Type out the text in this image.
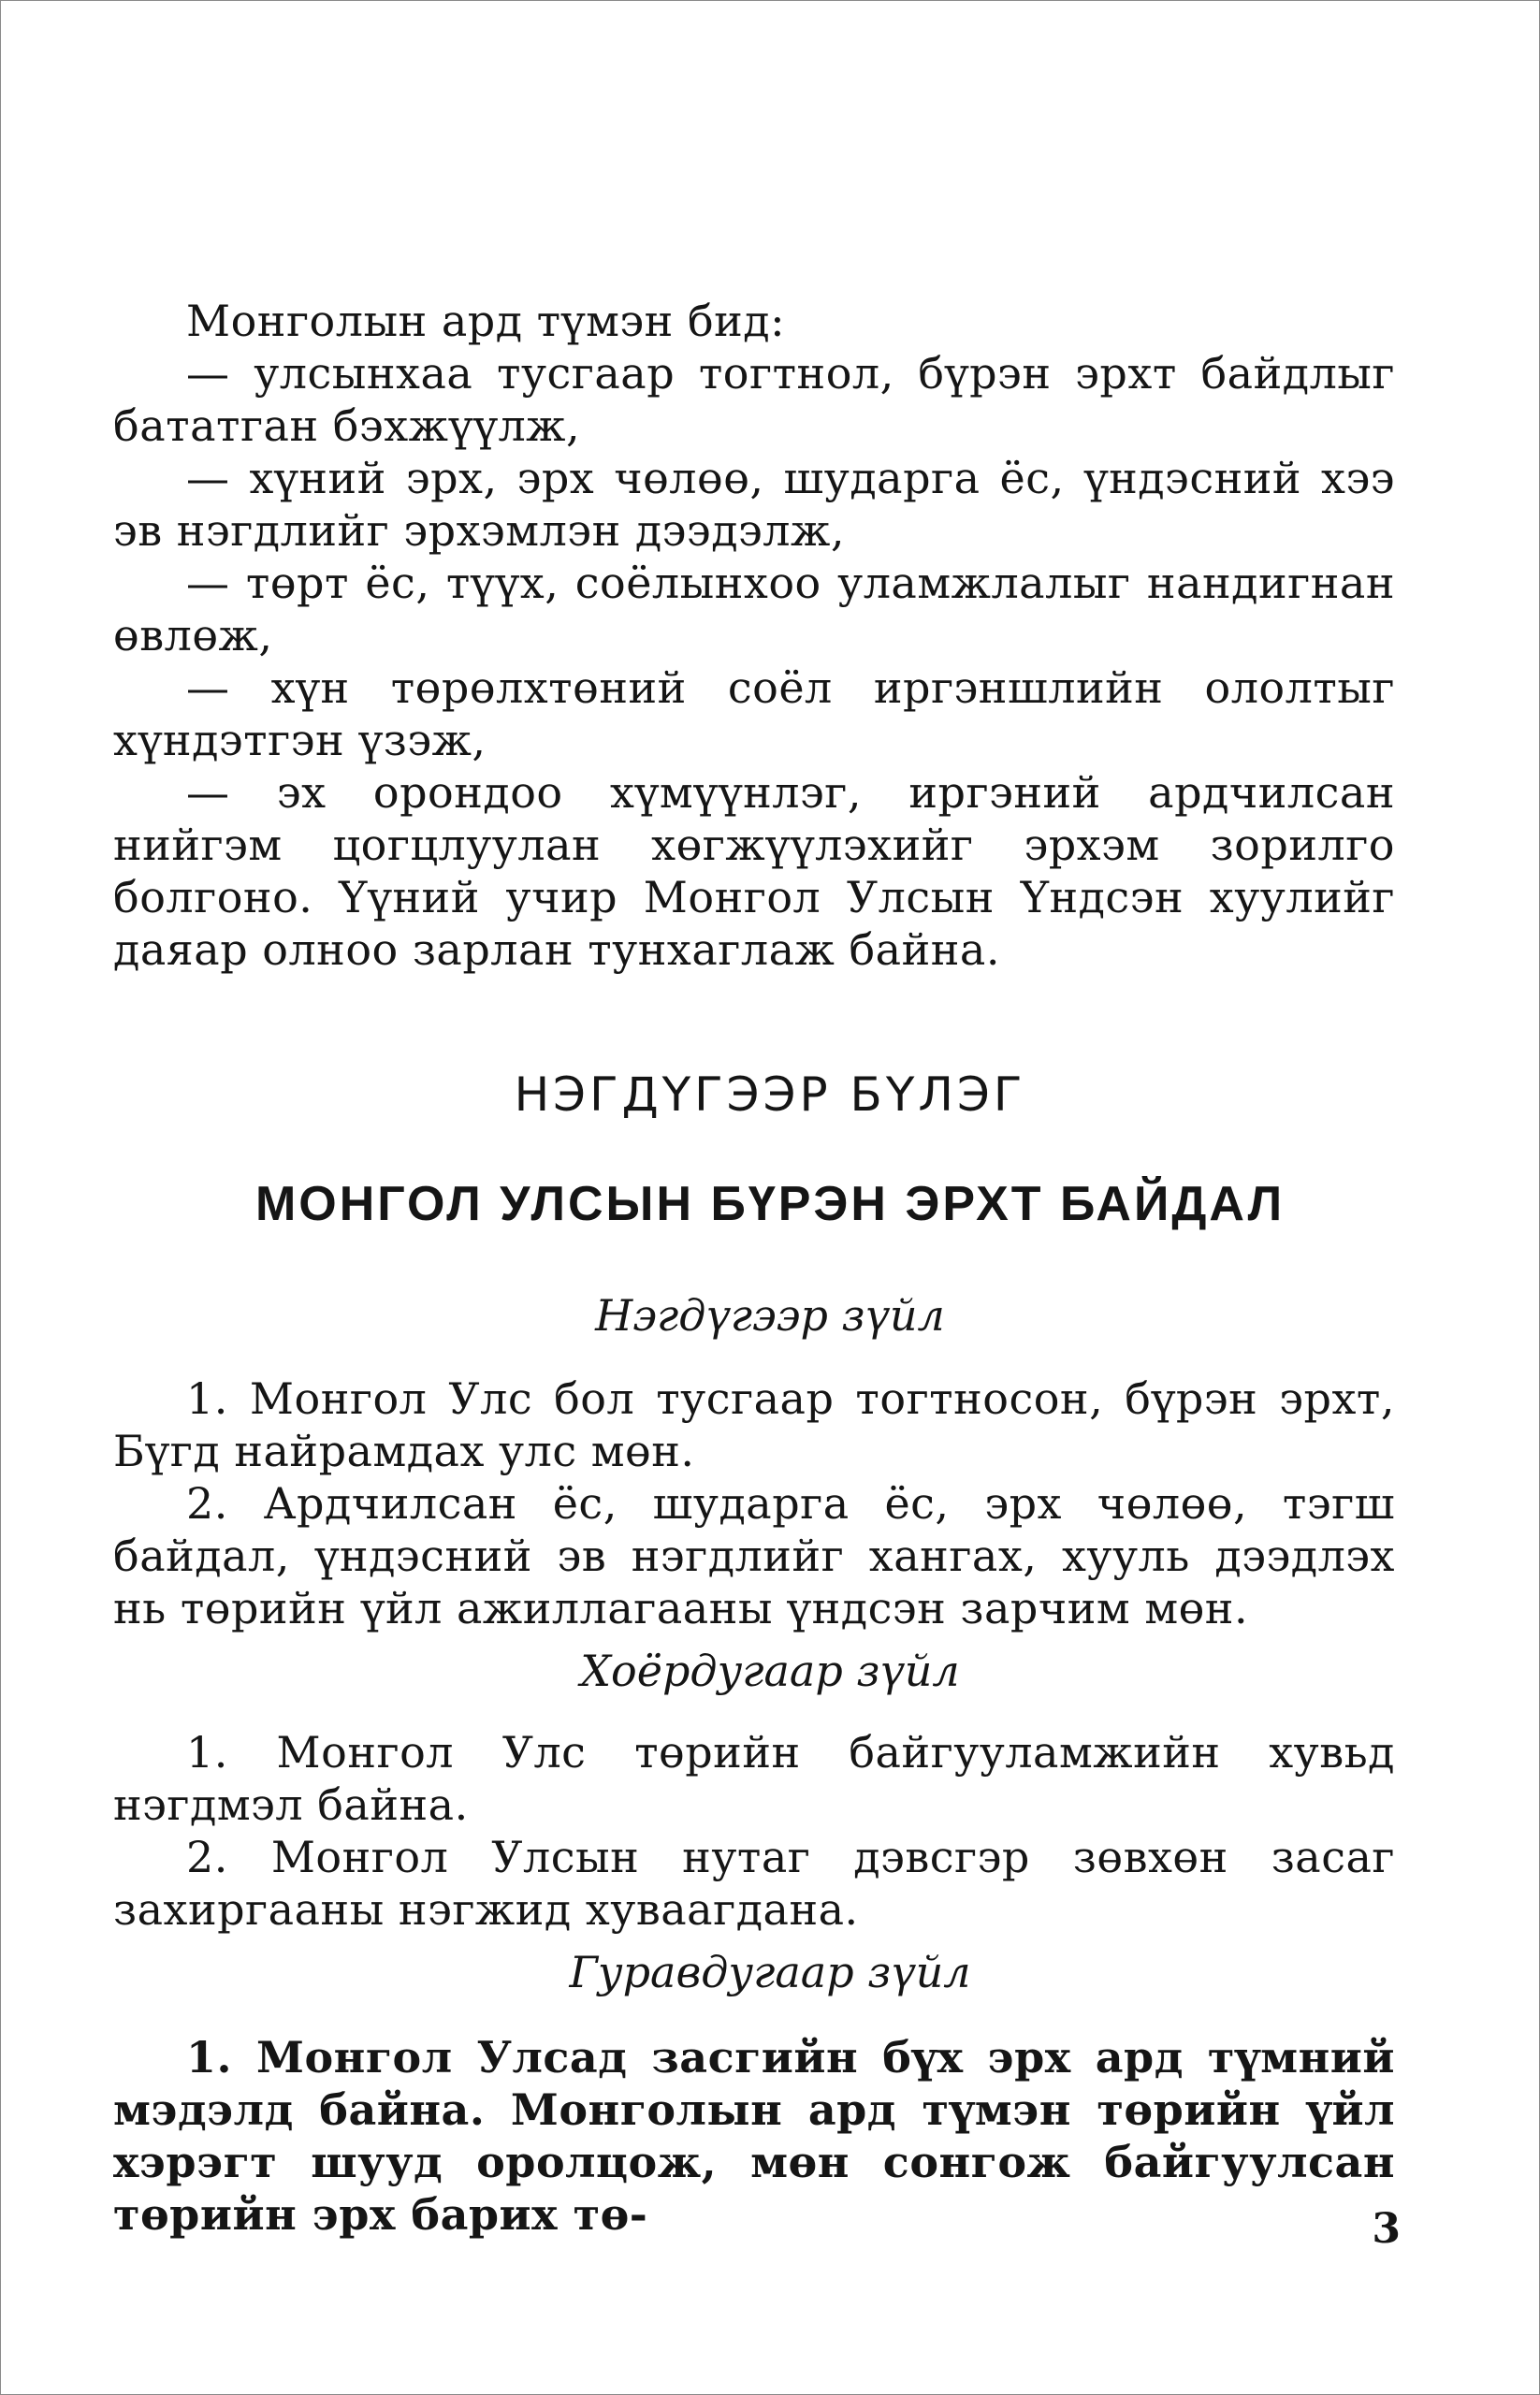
Монголын ард түмэн бид:

— улсынхаа тусгаар тогтнол, бүрэн эрхт байдлыг бататган бэхжүүлж,

— хүний эрх, эрх чөлөө, шударга ёс, үндэсний хээ эв нэгдлийг эрхэмлэн дээдэлж,

— төрт ёс, түүх, соёлынхоо уламжлалыг нандигнан өвлөж,

— хүн төрөлхтөний соёл иргэншлийн ололтыг хүндэтгэн үзэж,

— эх орондоо хүмүүнлэг, иргэний ардчилсан нийгэм цогцлуулан хөгжүүлэхийг эрхэм зорилго болгоно. Үүний учир Монгол Улсын Үндсэн хуулийг даяар олноо зарлан тунхаглаж байна.

НЭГДҮГЭЭР БҮЛЭГ
МОНГОЛ УЛСЫН БҮРЭН ЭРХТ БАЙДАЛ
Нэгдүгээр зүйл

1. Монгол Улс бол тусгаар тогтносон, бүрэн эрхт, Бүгд найрамдах улс мөн.

2. Ардчилсан ёс, шударга ёс, эрх чөлөө, тэгш байдал, үндэсний эв нэгдлийг хангах, хууль дээдлэх нь төрийн үйл ажиллагааны үндсэн зарчим мөн.

Хоёрдугаар зүйл

1. Монгол Улс төрийн байгууламжийн хувьд нэгдмэл байна.

2. Монгол Улсын нутаг дэвсгэр зөвхөн засаг захиргааны нэгжид хуваагдана.

Гуравдугаар зүйл

1. Монгол Улсад засгийн бүх эрх ард түмний мэдэлд байна. Монголын ард түмэн төрийн үйл хэрэгт шууд оролцож, мөн сонгож байгуулсан төрийн эрх барих тө-	3
